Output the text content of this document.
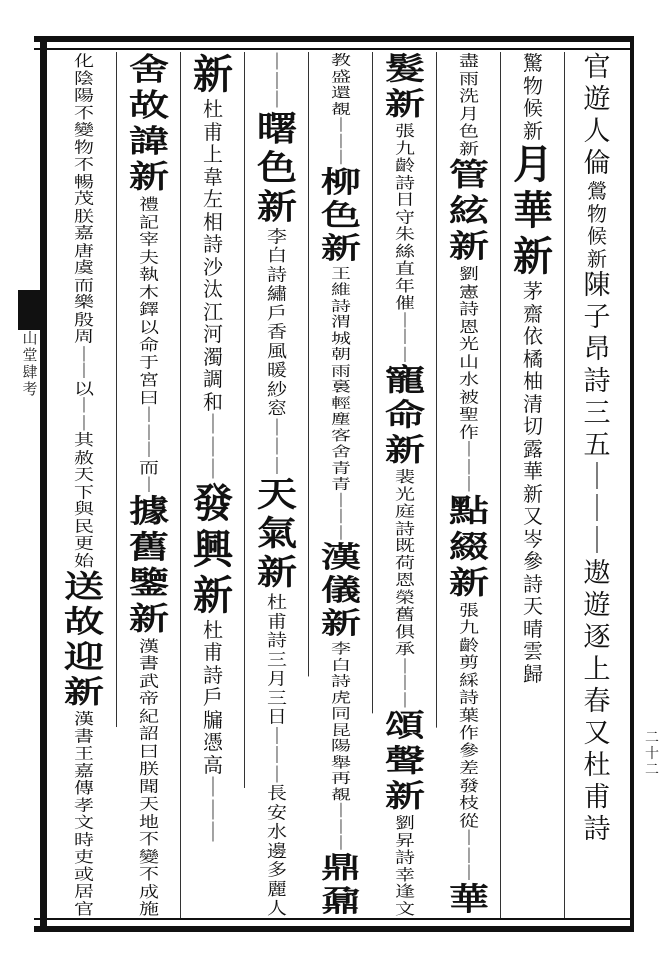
山
堂
肆
考
二
十
二
官
遊
人
倫
鶯
物
候
新
陳
子
昂
詩
三
五
｜
｜
｜
遨
遊
逐
上
春
又
杜
甫
詩
驚
物
候
新
月
華
新
茅
齋
依
橘
柚
清
切
露
華
新
又
岑
參
詩
天
晴
雲
歸
盡
雨
洗
月
色
新
管
絃
新
劉
憲
詩
恩
光
山
水
被
聖
作
｜
｜
｜
點
綴
新
張
九
齡
剪
綵
詩
葉
作
參
差
發
枝
從
｜
｜
｜
華
髮
新
張
九
齡
詩
日
守
朱
絲
直
年
催
｜
｜
｜
寵
命
新
裴
光
庭
詩
既
荷
恩
榮
舊
俱
承
｜
｜
｜
頌
聲
新
劉
昇
詩
幸
逢
文
教
盛
還
覩
｜
｜
｜
柳
色
新
王
維
詩
渭
城
朝
雨
裛
輕
塵
客
舍
青
青
｜
｜
｜
漢
儀
新
李
白
詩
虎
同
昆
陽
舉
再
覩
｜
｜
｜
鼎
鼐
｜
｜
｜
曙
色
新
李
白
詩
繡
戶
香
風
暖
紗
窓
｜
｜
｜
天
氣
新
杜
甫
詩
三
月
三
日
｜
｜
｜
長
安
水
邊
多
麗
人
新
杜
甫
上
韋
左
相
詩
沙
汰
江
河
濁
調
和
｜
｜
｜
發
興
新
杜
甫
詩
戶
牖
憑
高
｜
｜
｜
舍
故
諱
新
禮
記
宰
夫
執
木
鐸
以
命
于
宮
曰
｜
｜
｜
而
｜
據
舊
鑒
新
漢
書
武
帝
紀
詔
曰
朕
聞
天
地
不
變
不
成
施
化
陰
陽
不
變
物
不
暢
茂
朕
嘉
唐
虞
而
樂
殷
周
｜
｜
以
｜
｜
其
赦
天
下
與
民
更
始
送
故
迎
新
漢
書
王
嘉
傳
孝
文
時
吏
或
居
官
